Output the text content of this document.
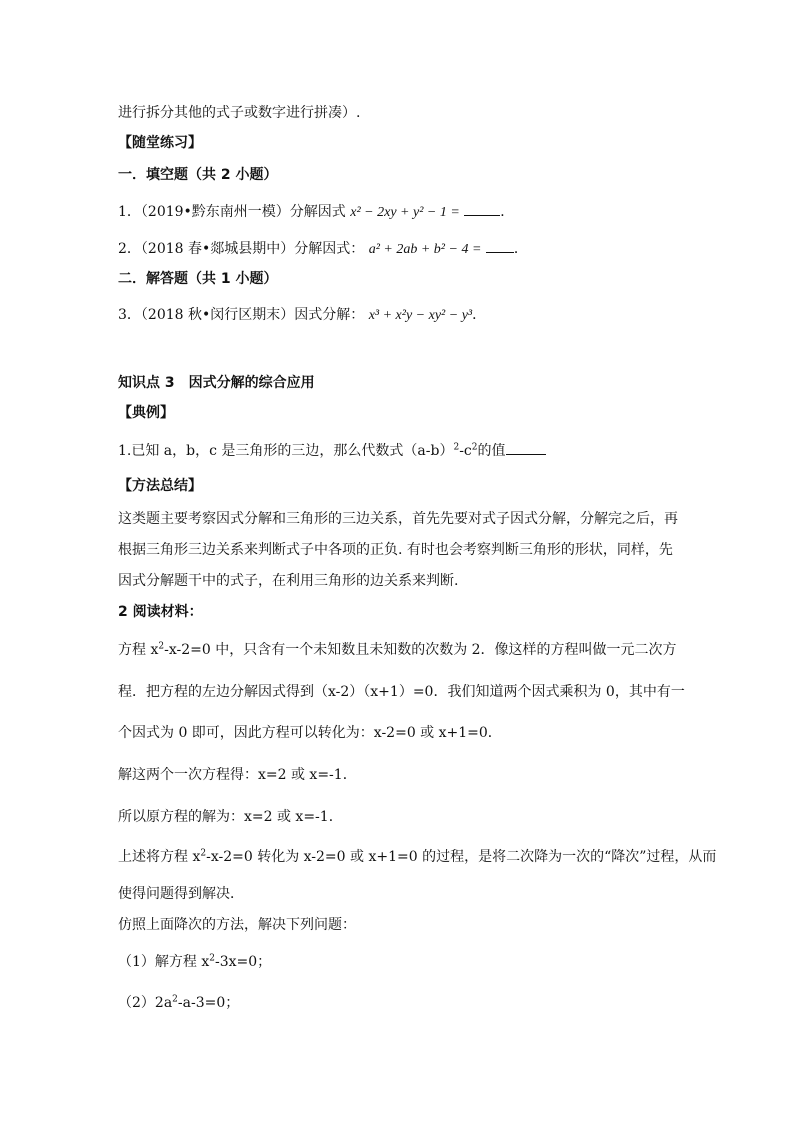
进行拆分其他的式子或数字进行拼凑）.

【随堂练习】

一．填空题（共 2 小题）

1．（2019•黔东南州一模）分解因式 x² − 2xy + y² − 1 =	．

2．（2018 春•郯城县期中）分解因式： a² + 2ab + b² − 4 = ．

二．解答题（共 1 小题）

3．（2018 秋•闵行区期末）因式分解： x³ + x²y − xy² − y³．

知识点 3　因式分解的综合应用

【典例】

1.已知 a，b，c 是三角形的三边，那么代数式$(a-b)^2-c^2$的值

【方法总结】

这类题主要考察因式分解和三角形的三边关系，首先先要对式子因式分解，分解完之后，再

根据三角形三边关系来判断式子中各项的正负. 有时也会考察判断三角形的形状，同样，先

因式分解题干中的式子，在利用三角形的边关系来判断.

2 阅读材料：

方程 $x^2-x-2=0$ 中，只含有一个未知数且未知数的次数为 2．像这样的方程叫做一元二次方

程．把方程的左边分解因式得到（x-2）（x+1）=0．我们知道两个因式乘积为 0，其中有一

个因式为 0 即可，因此方程可以转化为：x-2=0 或 x+1=0．

解这两个一次方程得：x=2 或 x=-1．

所以原方程的解为：x=2 或 x=-1．

上述将方程 $x^2-x-2=0$ 转化为 x-2=0 或 x+1=0 的过程，是将二次降为一次的“降次”过程，从而

使得问题得到解决．

仿照上面降次的方法，解决下列问题：

（1）解方程 $x^2-3x=0$；

$(2)2a^2-a-3=0$；
